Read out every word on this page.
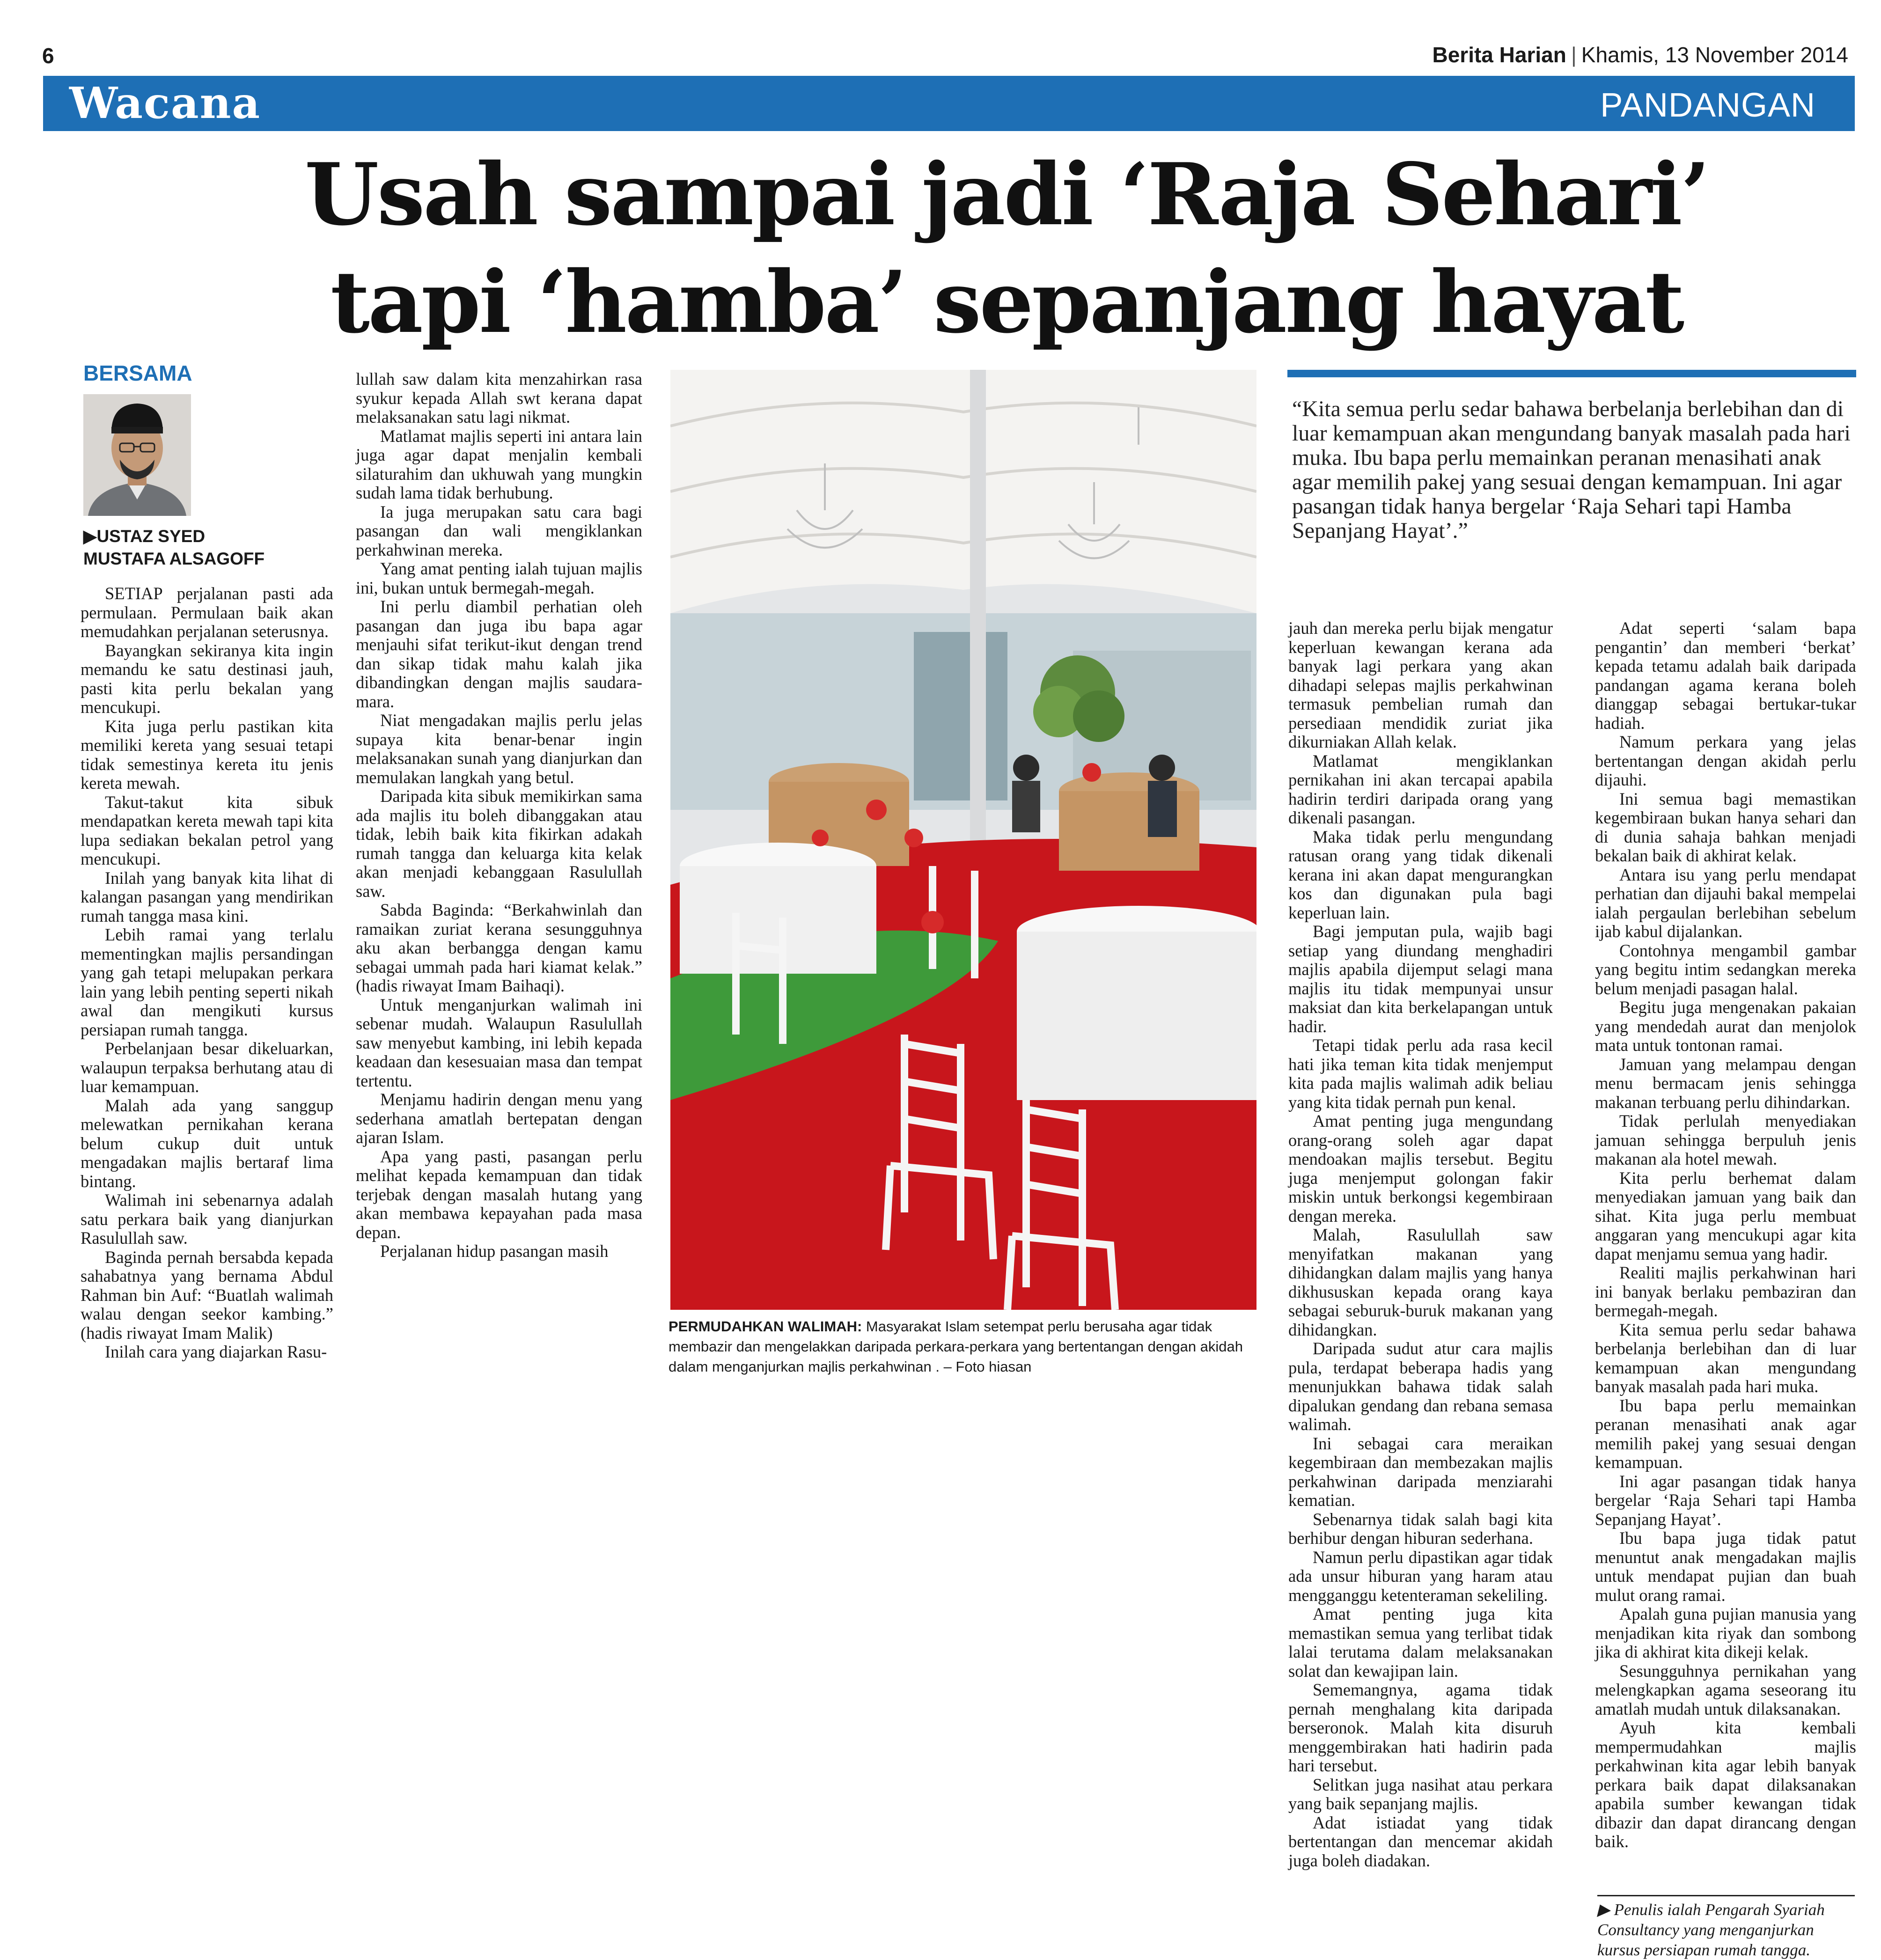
6	Berita Harian | Khamis, 13 November 2014
Wacana	PANDANGAN
Usah sampai jadi ‘Raja Sehari’
tapi ‘hamba’ sepanjang hayat
BERSAMA
▶USTAZ SYED
MUSTAFA ALSAGOFF

SETIAP perjalanan pasti ada permulaan. Permulaan baik akan memudahkan perjalanan seterusnya.

Bayangkan sekiranya kita ingin memandu ke satu destinasi jauh, pasti kita perlu bekalan yang mencukupi.

Kita juga perlu pastikan kita memiliki kereta yang sesuai tetapi tidak semestinya kereta itu jenis kereta mewah.

Takut-takut kita sibuk mendapatkan kereta mewah tapi kita lupa sediakan bekalan petrol yang mencukupi.

Inilah yang banyak kita lihat di kalangan pasangan yang mendirikan rumah tangga masa kini.

Lebih ramai yang terlalu mementingkan majlis persandingan yang gah tetapi melupakan perkara lain yang lebih penting seperti nikah awal dan mengikuti kursus persiapan rumah tangga.

Perbelanjaan besar dikeluarkan, walaupun terpaksa berhutang atau di luar kemampuan.

Malah ada yang sanggup melewatkan pernikahan kerana belum cukup duit untuk mengadakan majlis bertaraf lima bintang.

Walimah ini sebenarnya adalah satu perkara baik yang dianjurkan Rasulullah saw.

Baginda pernah bersabda kepada sahabatnya yang bernama Abdul Rahman bin Auf: “Buatlah walimah walau dengan seekor kambing.” (hadis riwayat Imam Malik)

Inilah cara yang diajarkan Rasu-

lullah saw dalam kita menzahirkan rasa syukur kepada Allah swt kerana dapat melaksanakan satu lagi nikmat.

Matlamat majlis seperti ini antara lain juga agar dapat menjalin kembali silaturahim dan ukhuwah yang mungkin sudah lama tidak berhubung.

Ia juga merupakan satu cara bagi pasangan dan wali mengiklankan perkahwinan mereka.

Yang amat penting ialah tujuan majlis ini, bukan untuk bermegah-megah.

Ini perlu diambil perhatian oleh pasangan dan juga ibu bapa agar menjauhi sifat terikut-ikut dengan trend dan sikap tidak mahu kalah jika dibandingkan dengan majlis saudara-mara.

Niat mengadakan majlis perlu jelas supaya kita benar-benar ingin melaksanakan sunah yang dianjurkan dan memulakan langkah yang betul.

Daripada kita sibuk memikirkan sama ada majlis itu boleh dibanggakan atau tidak, lebih baik kita fikirkan adakah rumah tangga dan keluarga kita kelak akan menjadi kebanggaan Rasulullah saw.

Sabda Baginda: “Berkahwinlah dan ramaikan zuriat kerana sesungguhnya aku akan berbangga dengan kamu sebagai ummah pada hari kiamat kelak.” (hadis riwayat Imam Baihaqi).

Untuk menganjurkan walimah ini sebenar mudah. Walaupun Rasulullah saw menyebut kambing, ini lebih kepada keadaan dan kesesuaian masa dan tempat tertentu.

Menjamu hadirin dengan menu yang sederhana amatlah bertepatan dengan ajaran Islam.

Apa yang pasti, pasangan perlu melihat kepada kemampuan dan tidak terjebak dengan masalah hutang yang akan membawa kepayahan pada masa depan.

Perjalanan hidup pasangan masih

PERMUDAHKAN WALIMAH: Masyarakat Islam setempat perlu berusaha agar tidak membazir dan mengelakkan daripada perkara-perkara yang bertentangan dengan akidah dalam menganjurkan majlis perkahwinan . – Foto hiasan
“Kita semua perlu sedar bahawa berbelanja berlebihan dan di luar kemampuan akan mengundang banyak masalah pada hari muka. Ibu bapa perlu memainkan peranan menasihati anak agar memilih pakej yang sesuai dengan kemampuan. Ini agar pasangan tidak hanya bergelar ‘Raja Sehari tapi Hamba Sepanjang Hayat’.”

jauh dan mereka perlu bijak mengatur keperluan kewangan kerana ada banyak lagi perkara yang akan dihadapi selepas majlis perkahwinan termasuk pembelian rumah dan persediaan mendidik zuriat jika dikurniakan Allah kelak.

Matlamat mengiklankan pernikahan ini akan tercapai apabila hadirin terdiri daripada orang yang dikenali pasangan.

Maka tidak perlu mengundang ratusan orang yang tidak dikenali kerana ini akan dapat mengurangkan kos dan digunakan pula bagi keperluan lain.

Bagi jemputan pula, wajib bagi setiap yang diundang menghadiri majlis apabila dijemput selagi mana majlis itu tidak mempunyai unsur maksiat dan kita berkelapangan untuk hadir.

Tetapi tidak perlu ada rasa kecil hati jika teman kita tidak menjemput kita pada majlis walimah adik beliau yang kita tidak pernah pun kenal.

Amat penting juga mengundang orang-orang soleh agar dapat mendoakan majlis tersebut. Begitu juga menjemput golongan fakir miskin untuk berkongsi kegembiraan dengan mereka.

Malah, Rasulullah saw menyifatkan makanan yang dihidangkan dalam majlis yang hanya dikhususkan kepada orang kaya sebagai seburuk-buruk makanan yang dihidangkan.

Daripada sudut atur cara majlis pula, terdapat beberapa hadis yang menunjukkan bahawa tidak salah dipalukan gendang dan rebana semasa walimah.

Ini sebagai cara meraikan kegembiraan dan membezakan majlis perkahwinan daripada menziarahi kematian.

Sebenarnya tidak salah bagi kita berhibur dengan hiburan sederhana.

Namun perlu dipastikan agar tidak ada unsur hiburan yang haram atau mengganggu ketenteraman sekeliling.

Amat penting juga kita memastikan semua yang terlibat tidak lalai terutama dalam melaksanakan solat dan kewajipan lain.

Sememangnya, agama tidak pernah menghalang kita daripada berseronok. Malah kita disuruh menggembirakan hati hadirin pada hari tersebut.

Selitkan juga nasihat atau perkara yang baik sepanjang majlis.

Adat istiadat yang tidak bertentangan dan mencemar akidah juga boleh diadakan.

Adat seperti ‘salam bapa pengantin’ dan memberi ‘berkat’ kepada tetamu adalah baik daripada pandangan agama kerana boleh dianggap sebagai bertukar-tukar hadiah.

Namum perkara yang jelas bertentangan dengan akidah perlu dijauhi.

Ini semua bagi memastikan kegembiraan bukan hanya sehari dan di dunia sahaja bahkan menjadi bekalan baik di akhirat kelak.

Antara isu yang perlu mendapat perhatian dan dijauhi bakal mempelai ialah pergaulan berlebihan sebelum ijab kabul dijalankan.

Contohnya mengambil gambar yang begitu intim sedangkan mereka belum menjadi pasagan halal.

Begitu juga mengenakan pakaian yang mendedah aurat dan menjolok mata untuk tontonan ramai.

Jamuan yang melampau dengan menu bermacam jenis sehingga makanan terbuang perlu dihindarkan.

Tidak perlulah menyediakan jamuan sehingga berpuluh jenis makanan ala hotel mewah.

Kita perlu berhemat dalam menyediakan jamuan yang baik dan sihat. Kita juga perlu membuat anggaran yang mencukupi agar kita dapat menjamu semua yang hadir.

Realiti majlis perkahwinan hari ini banyak berlaku pembaziran dan bermegah-megah.

Kita semua perlu sedar bahawa berbelanja berlebihan dan di luar kemampuan akan mengundang banyak masalah pada hari muka.

Ibu bapa perlu memainkan peranan menasihati anak agar memilih pakej yang sesuai dengan kemampuan.

Ini agar pasangan tidak hanya bergelar ‘Raja Sehari tapi Hamba Sepanjang Hayat’.

Ibu bapa juga tidak patut menuntut anak mengadakan majlis untuk mendapat pujian dan buah mulut orang ramai.

Apalah guna pujian manusia yang menjadikan kita riyak dan sombong jika di akhirat kita dikeji kelak.

Sesungguhnya pernikahan yang melengkapkan agama seseorang itu amatlah mudah untuk dilaksanakan.

Ayuh kita kembali mempermudahkan majlis perkahwinan kita agar lebih banyak perkara baik dapat dilaksanakan apabila sumber kewangan tidak dibazir dan dapat dirancang dengan baik.

▶ Penulis ialah Pengarah Syariah Consultancy yang menganjurkan kursus persiapan rumah tangga.
